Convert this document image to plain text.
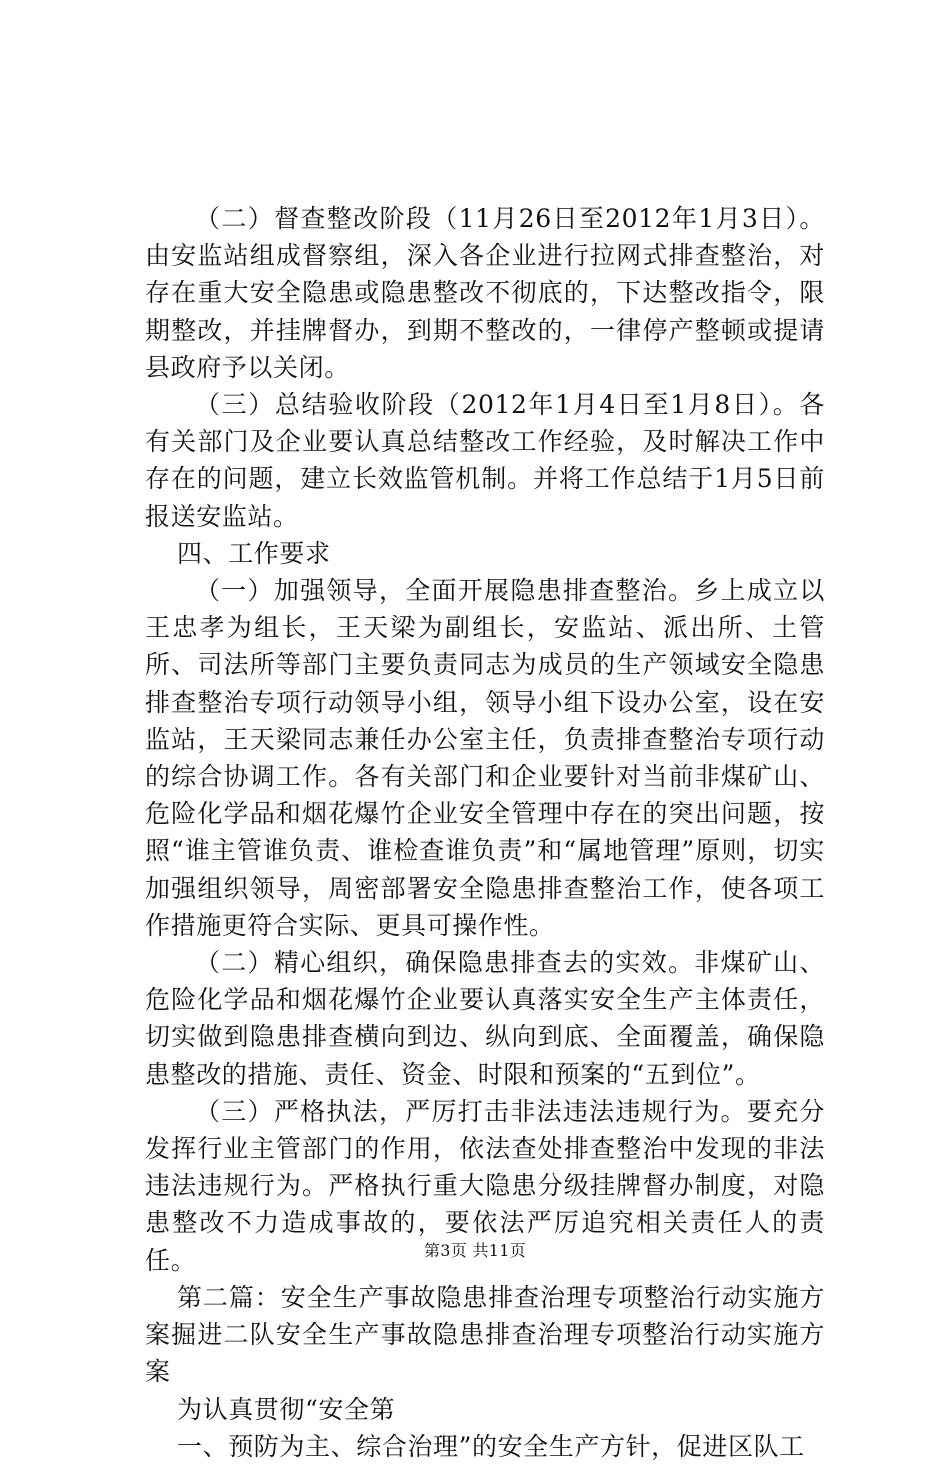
（二）督查整改阶段（11月26日至2012年1月3日）。由安监站组成督察组，深入各企业进行拉网式排查整治，对存在重大安全隐患或隐患整改不彻底的，下达整改指令，限期整改，并挂牌督办，到期不整改的，一律停产整顿或提请县政府予以关闭。

（三）总结验收阶段（2012年1月4日至1月8日）。各有关部门及企业要认真总结整改工作经验，及时解决工作中存在的问题，建立长效监管机制。并将工作总结于1月5日前报送安监站。

四、工作要求

（一）加强领导，全面开展隐患排查整治。乡上成立以王忠孝为组长，王天梁为副组长，安监站、派出所、土管所、司法所等部门主要负责同志为成员的生产领域安全隐患排查整治专项行动领导小组，领导小组下设办公室，设在安监站，王天梁同志兼任办公室主任，负责排查整治专项行动的综合协调工作。各有关部门和企业要针对当前非煤矿山、危险化学品和烟花爆竹企业安全管理中存在的突出问题，按照“谁主管谁负责、谁检查谁负责”和“属地管理”原则，切实加强组织领导，周密部署安全隐患排查整治工作，使各项工作措施更符合实际、更具可操作性。

（二）精心组织，确保隐患排查去的实效。非煤矿山、危险化学品和烟花爆竹企业要认真落实安全生产主体责任，切实做到隐患排查横向到边、纵向到底、全面覆盖，确保隐患整改的措施、责任、资金、时限和预案的“五到位”。

（三）严格执法，严厉打击非法违法违规行为。要充分发挥行业主管部门的作用，依法查处排查整治中发现的非法违法违规行为。严格执行重大隐患分级挂牌督办制度，对隐患整改不力造成事故的，要依法严厉追究相关责任人的责任。

第二篇：安全生产事故隐患排查治理专项整治行动实施方案掘进二队安全生产事故隐患排查治理专项整治行动实施方案

为认真贯彻“安全第

一、预防为主、综合治理”的安全生产方针，促进区队工

第3页 共11页
